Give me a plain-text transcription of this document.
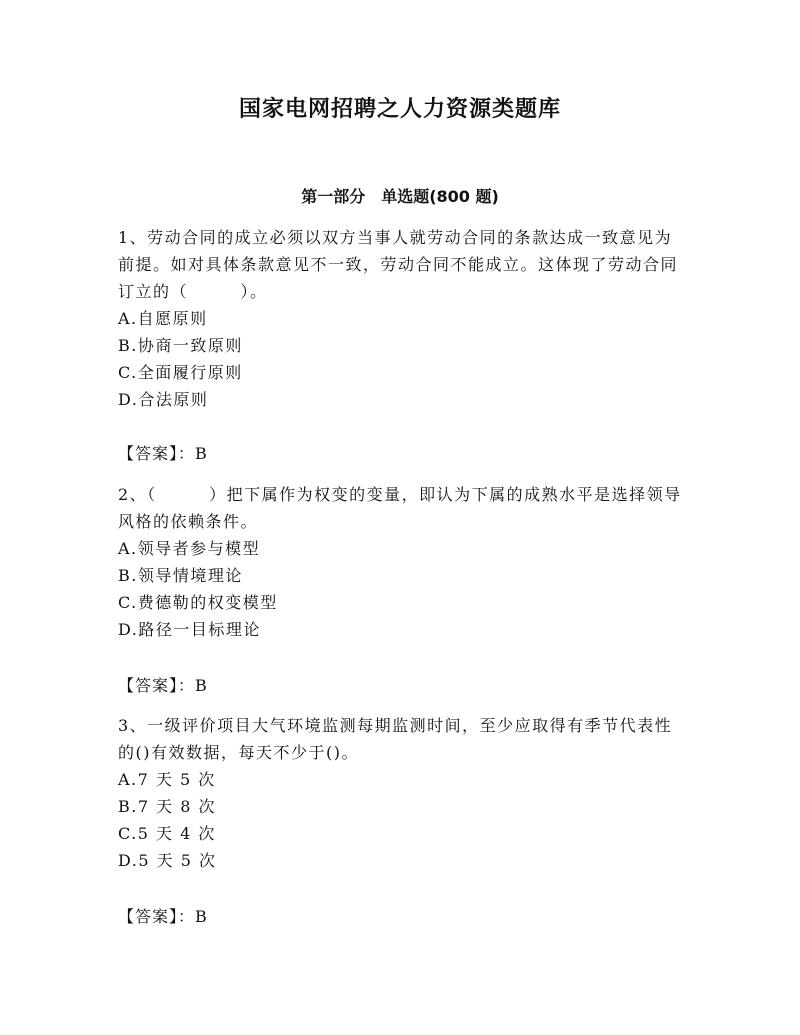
国家电网招聘之人力资源类题库
第一部分　单选题(800 题)

1、劳动合同的成立必须以双方当事人就劳动合同的条款达成一致意见为前提。如对具体条款意见不一致，劳动合同不能成立。这体现了劳动合同订立的（　　　）。

A.自愿原则

B.协商一致原则

C.全面履行原则

D.合法原则

【答案】：B

2、（　　　）把下属作为权变的变量，即认为下属的成熟水平是选择领导风格的依赖条件。

A.领导者参与模型

B.领导情境理论

C.费德勒的权变模型

D.路径一目标理论

【答案】：B

3、一级评价项目大气环境监测每期监测时间，至少应取得有季节代表性的()有效数据，每天不少于()。

A.7 天 5 次

B.7 天 8 次

C.5 天 4 次

D.5 天 5 次

【答案】：B
